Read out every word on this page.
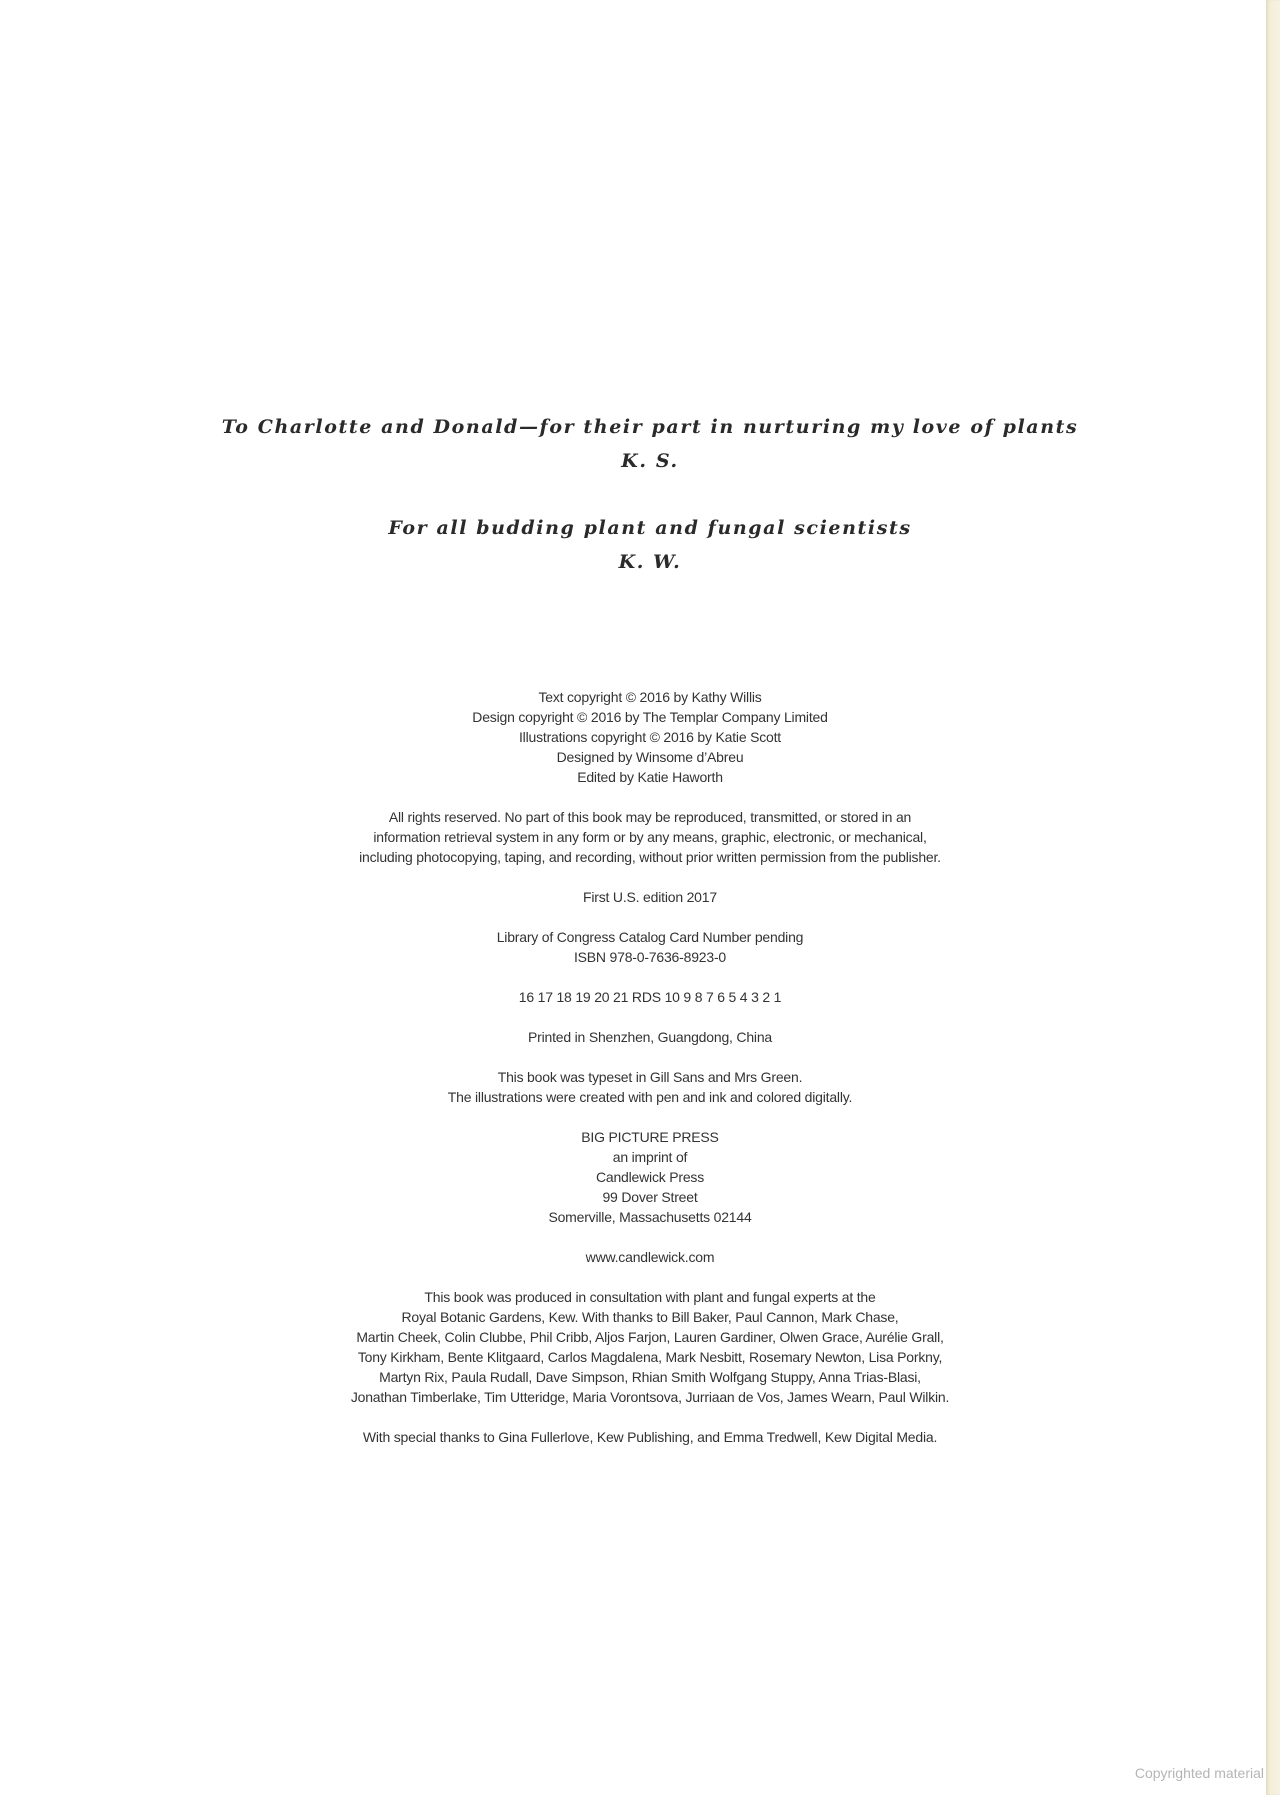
To Charlotte and Donald—for their part in nurturing my love of plants
K. S.
For all budding plant and fungal scientists
K. W.
Text copyright © 2016 by Kathy Willis
Design copyright © 2016 by The Templar Company Limited
Illustrations copyright © 2016 by Katie Scott
Designed by Winsome d’Abreu
Edited by Katie Haworth
All rights reserved. No part of this book may be reproduced, transmitted, or stored in an
information retrieval system in any form or by any means, graphic, electronic, or mechanical,
including photocopying, taping, and recording, without prior written permission from the publisher.
First U.S. edition 2017
Library of Congress Catalog Card Number pending
ISBN 978-0-7636-8923-0
16 17 18 19 20 21 RDS 10 9 8 7 6 5 4 3 2 1
Printed in Shenzhen, Guangdong, China
This book was typeset in Gill Sans and Mrs Green.
The illustrations were created with pen and ink and colored digitally.
BIG PICTURE PRESS
an imprint of
Candlewick Press
99 Dover Street
Somerville, Massachusetts 02144
www.candlewick.com
This book was produced in consultation with plant and fungal experts at the
Royal Botanic Gardens, Kew. With thanks to Bill Baker, Paul Cannon, Mark Chase,
Martin Cheek, Colin Clubbe, Phil Cribb, Aljos Farjon, Lauren Gardiner, Olwen Grace, Aurélie Grall,
Tony Kirkham, Bente Klitgaard, Carlos Magdalena, Mark Nesbitt, Rosemary Newton, Lisa Porkny,
Martyn Rix, Paula Rudall, Dave Simpson, Rhian Smith Wolfgang Stuppy, Anna Trias-Blasi,
Jonathan Timberlake, Tim Utteridge, Maria Vorontsova, Jurriaan de Vos, James Wearn, Paul Wilkin.
With special thanks to Gina Fullerlove, Kew Publishing, and Emma Tredwell, Kew Digital Media.
Copyrighted material
